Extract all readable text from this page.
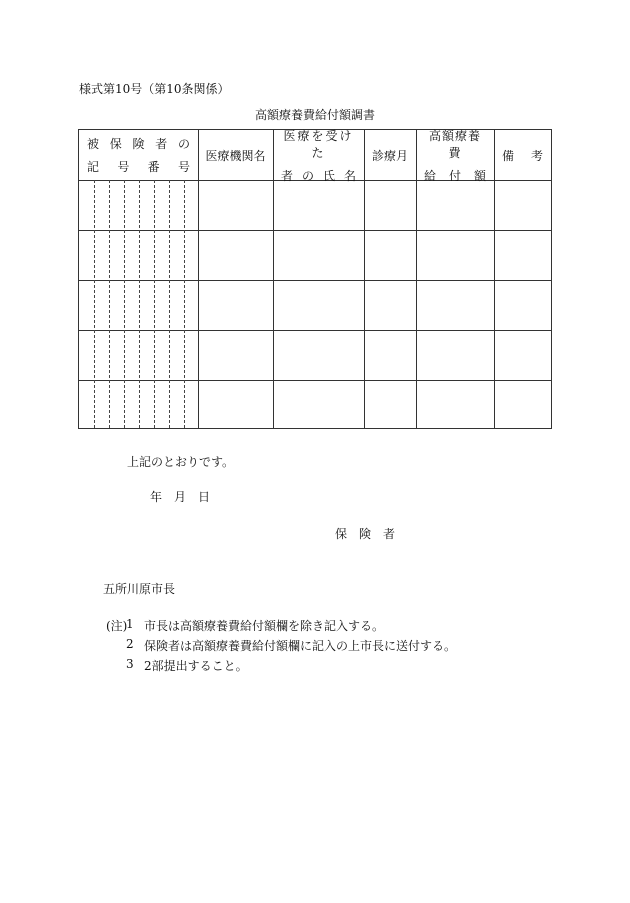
様式第10号（第10条関係）
高額療養費給付額調書
被 保 険 者 の
記 号 番 号
医療機関名
医療を受けた
者 の 氏 名
診療月
高額療養費
給 付 額
備 考
上記のとおりです。
年　月　日
保　険　者
五所川原市長
(注)
1 市長は高額療養費給付額欄を除き記入する。
2 保険者は高額療養費給付額欄に記入の上市長に送付する。
3 2部提出すること。
